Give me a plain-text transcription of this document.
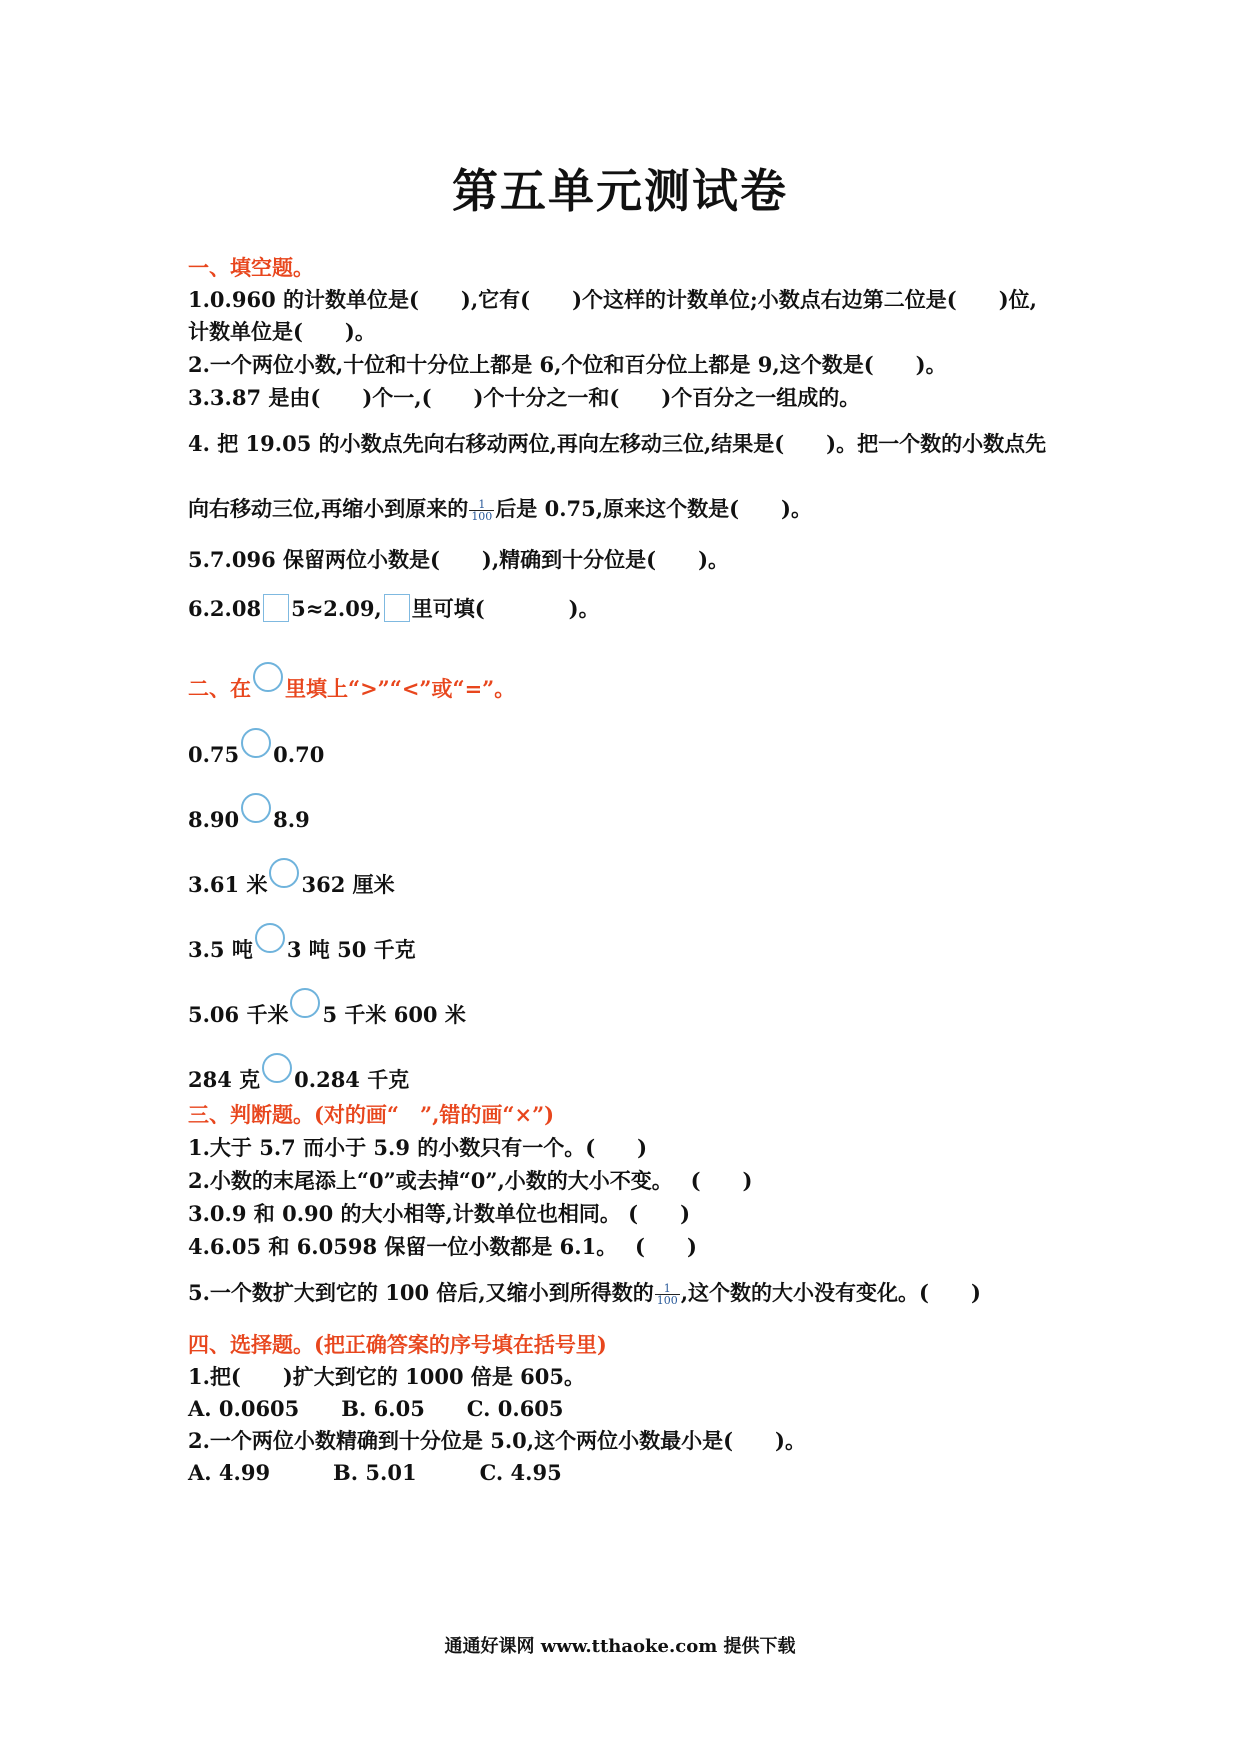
第五单元测试卷
一、填空题。
1.0.960 的计数单位是(　　),它有(　　)个这样的计数单位;小数点右边第二位是(　　)位,
计数单位是(　　)。
2.一个两位小数,十位和十分位上都是 6,个位和百分位上都是 9,这个数是(　　)。
3.3.87 是由(　　)个一,(　　)个十分之一和(　　)个百分之一组成的。
4. 把 19.05 的小数点先向右移动两位,再向左移动三位,结果是(　　)。把一个数的小数点先
向右移动三位,再缩小到原来的 $\frac{1}{100}$ 后是 0.75,原来这个数是(　　)。
5.7.096 保留两位小数是(　　),精确到十分位是(　　)。
6.2.08 5≈2.09, 里可填(　　　　)。
二、在 里填上“>”“<”或“=”。
0.75 0.70
8.90 8.9
3.61 米 362 厘米
3.5 吨 3 吨 50 千克
5.06 千米 5 千米 600 米
284 克 0.284 千克
三、判断题。(对的画“　”,错的画“×”)
1.大于 5.7 而小于 5.9 的小数只有一个。(　　)
2.小数的末尾添上“0”或去掉“0”,小数的大小不变。　 (　　)
3.0.9 和 0.90 的大小相等,计数单位也相同。 (　　)
4.6.05 和 6.0598 保留一位小数都是 6.1。　 (　　)
5.一个数扩大到它的 100 倍后,又缩小到所得数的 $\frac{1}{100}$ ,这个数的大小没有变化。(　　)
四、选择题。(把正确答案的序号填在括号里)
1.把(　　)扩大到它的 1000 倍是 605。
A. 0.0605　　B. 6.05　　C. 0.605
2.一个两位小数精确到十分位是 5.0,这个两位小数最小是(　　)。
A. 4.99　　　B. 5.01　　　C. 4.95
通通好课网 www.tthaoke.com 提供下载
